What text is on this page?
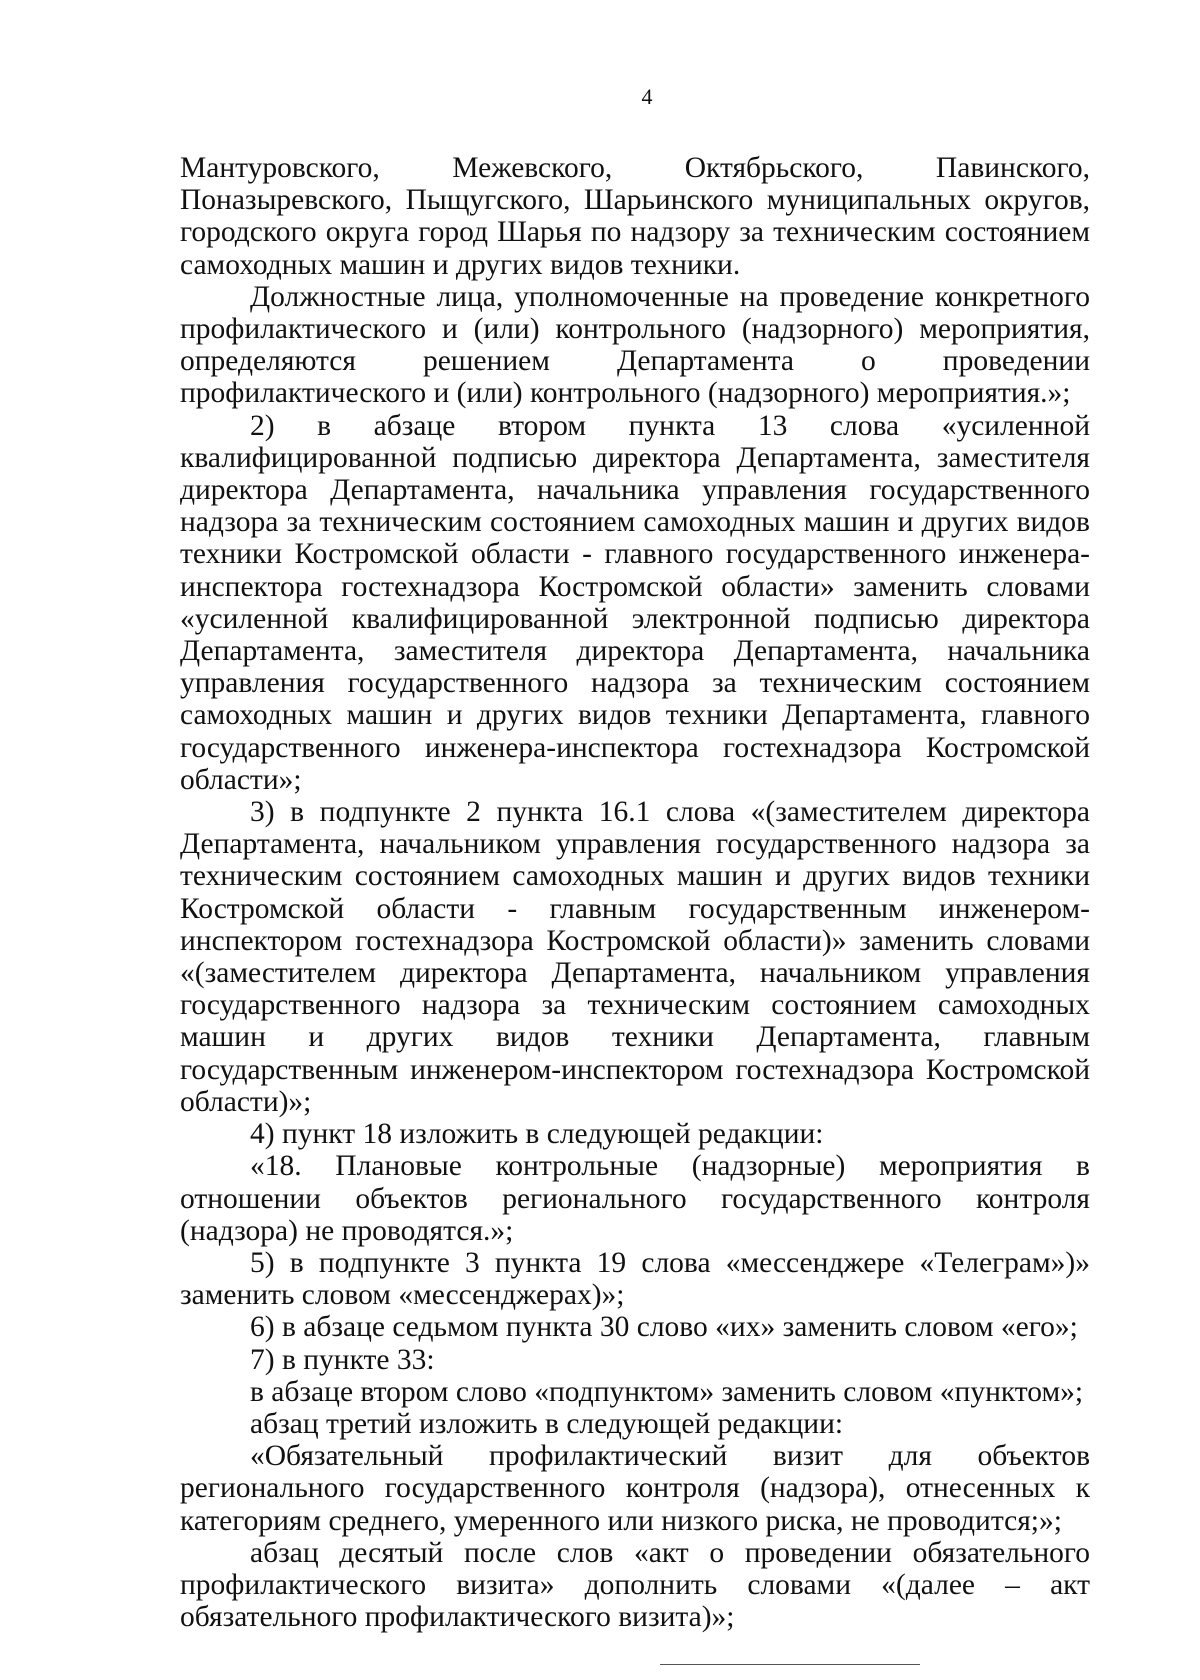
4

Мантуровского, Межевского, Октябрьского, Павинского, Поназыревского, Пыщугского, Шарьинского муниципальных округов, городского округа город Шарья по надзору за техническим состоянием самоходных машин и других видов техники.

Должностные лица, уполномоченные на проведение конкретного профилактического и (или) контрольного (надзорного) мероприятия, определяются решением Департамента о проведении профилактического и (или) контрольного (надзорного) мероприятия.»;

2) в абзаце втором пункта 13 слова «усиленной квалифицированной подписью директора Департамента, заместителя директора Департамента, начальника управления государственного надзора за техническим состоянием самоходных машин и других видов техники Костромской области - главного государственного инженера-инспектора гостехнадзора Костромской области» заменить словами «усиленной квалифицированной электронной подписью директора Департамента, заместителя директора Департамента, начальника управления государственного надзора за техническим состоянием самоходных машин и других видов техники Департамента, главного государственного инженера-инспектора гостехнадзора Костромской области»;

3) в подпункте 2 пункта 16.1 слова «(заместителем директора Департамента, начальником управления государственного надзора за техническим состоянием самоходных машин и других видов техники Костромской области - главным государственным инженером-инспектором гостехнадзора Костромской области)» заменить словами «(заместителем директора Департамента, начальником управления государственного надзора за техническим состоянием самоходных машин и других видов техники Департамента, главным государственным инженером-инспектором гостехнадзора Костромской области)»;

4) пункт 18 изложить в следующей редакции:

«18. Плановые контрольные (надзорные) мероприятия в отношении объектов регионального государственного контроля (надзора) не проводятся.»;

5) в подпункте 3 пункта 19 слова «мессенджере «Телеграм»)» заменить словом «мессенджерах)»;

6) в абзаце седьмом пункта 30 слово «их» заменить словом «его»;

7) в пункте 33:

в абзаце втором слово «подпунктом» заменить словом «пунктом»;

абзац третий изложить в следующей редакции:

«Обязательный профилактический визит для объектов регионального государственного контроля (надзора), отнесенных к категориям среднего, умеренного или низкого риска, не проводится;»;

абзац десятый после слов «акт о проведении обязательного профилактического визита» дополнить словами «(далее – акт обязательного профилактического визита)»;
